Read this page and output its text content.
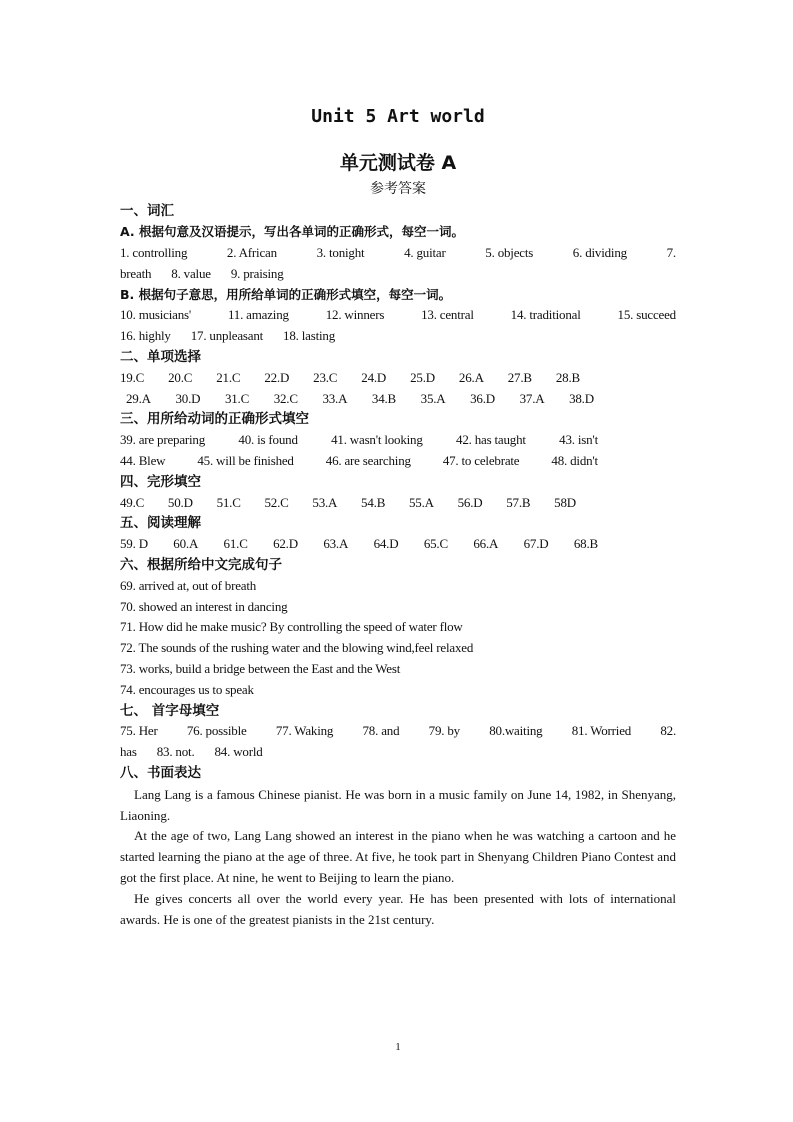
Unit 5 Art world
单元测试卷 A
参考答案
一、词汇
A. 根据句意及汉语提示，写出各单词的正确形式，每空一词。
1. controlling	2. African	3. tonight	4. guitar	5. objects	6. dividing	7.
breath 8. value 9. praising
B. 根据句子意思，用所给单词的正确形式填空，每空一词。
10. musicians'	11. amazing	12. winners	13. central	14. traditional	15. succeed
16. highly 17. unpleasant 18. lasting
二、单项选择
19.C 20.C 21.C 22.D 23.C 24.D 25.D 26.A 27.B 28.B
29.A 30.D 31.C 32.C 33.A 34.B 35.A 36.D 37.A 38.D
三、用所给动词的正确形式填空
39. are preparing	40. is found	41. wasn't looking	42. has taught	43. isn't
44. Blew 45. will be finished 46. are searching 47. to celebrate 48. didn't
四、完形填空
49.C 50.D 51.C 52.C 53.A 54.B 55.A 56.D 57.B 58D
五、阅读理解
59. D 60.A 61.C 62.D 63.A 64.D 65.C 66.A 67.D 68.B
六、根据所给中文完成句子
69. arrived at, out of breath
70. showed an interest in dancing
71. How did he make music? By controlling the speed of water flow
72. The sounds of the rushing water and the blowing wind,feel relaxed
73. works, build a bridge between the East and the West
74. encourages us to speak
七、 首字母填空
75. Her 76. possible 77. Waking 78. and 79. by 80.waiting 81. Worried 82.
has 83. not. 84. world
八、书面表达
Lang Lang is a famous Chinese pianist. He was born in a music family on June 14, 1982, in Shenyang, Liaoning.
At the age of two, Lang Lang showed an interest in the piano when he was watching a cartoon and he started learning the piano at the age of three. At five, he took part in Shenyang Children Piano Contest and got the first place. At nine, he went to Beijing to learn the piano.
He gives concerts all over the world every year. He has been presented with lots of international awards. He is one of the greatest pianists in the 21st century.
1
